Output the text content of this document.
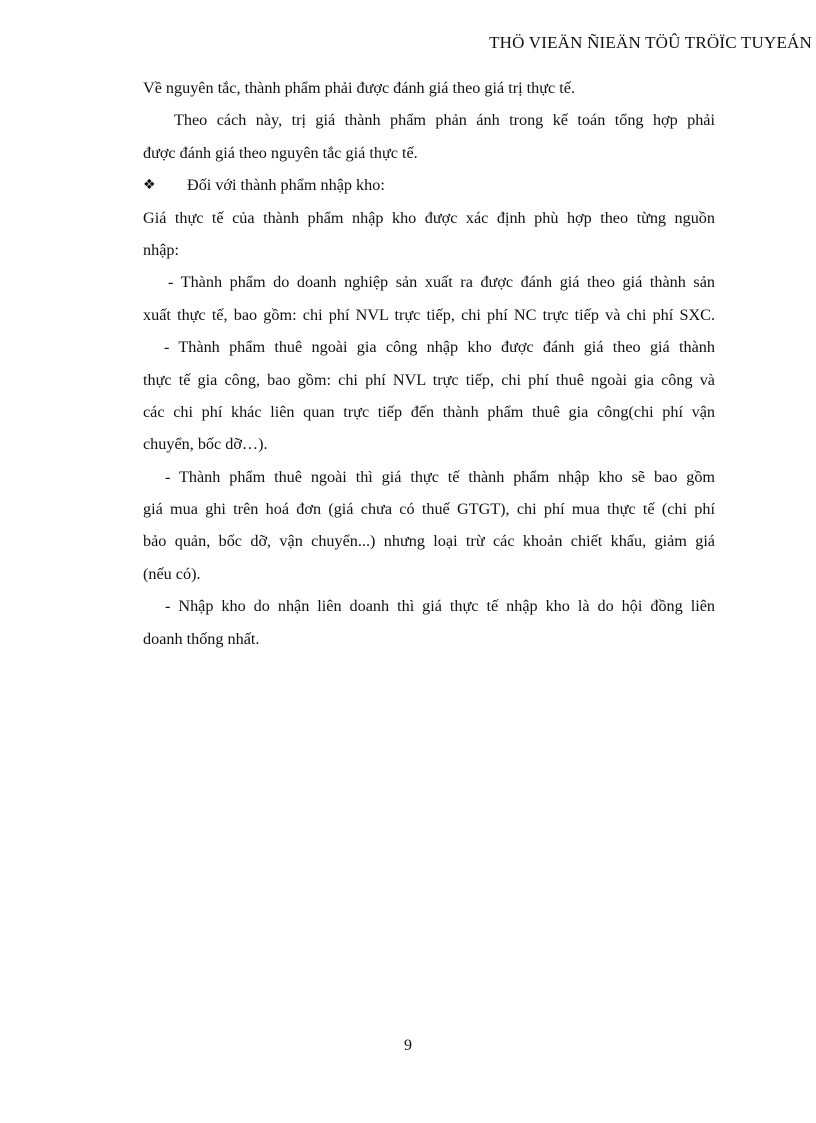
THÖ VIEÄN ÑIEÄN TÖÛ TRÖÏC TUYEÁN
Về nguyên tắc, thành phẩm phải được đánh giá theo giá trị thực tế.
Theo cách này, trị giá thành phẩm phản ánh trong kế toán tổng hợp phải
được đánh giá theo nguyên tắc giá thực tế.
❖	Đối với thành phẩm nhập kho:
Giá thực tế của thành phẩm nhập kho được xác định phù hợp theo từng nguồn
nhập:
- Thành phẩm do doanh nghiệp sản xuất ra được đánh giá theo giá thành sản
xuất thực tế, bao gồm: chi phí NVL trực tiếp, chi phí NC trực tiếp và chi phí SXC.
- Thành phẩm thuê ngoài gia công nhập kho được đánh giá theo giá thành
thực tế gia công, bao gồm: chi phí NVL trực tiếp, chi phí thuê ngoài gia công và
các chi phí khác liên quan trực tiếp đến thành phẩm thuê gia công(chi phí vận
chuyển, bốc dỡ…).
- Thành phẩm thuê ngoài thì giá thực tế thành phẩm nhập kho sẽ bao gồm
giá mua ghi trên hoá đơn (giá chưa có thuế GTGT), chi phí mua thực tế (chi phí
bảo quản, bốc dỡ, vận chuyển...) nhưng loại trừ các khoản chiết khấu, giảm giá
(nếu có).
- Nhập kho do nhận liên doanh thì giá thực tế nhập kho là do hội đồng liên
doanh thống nhất.
9
